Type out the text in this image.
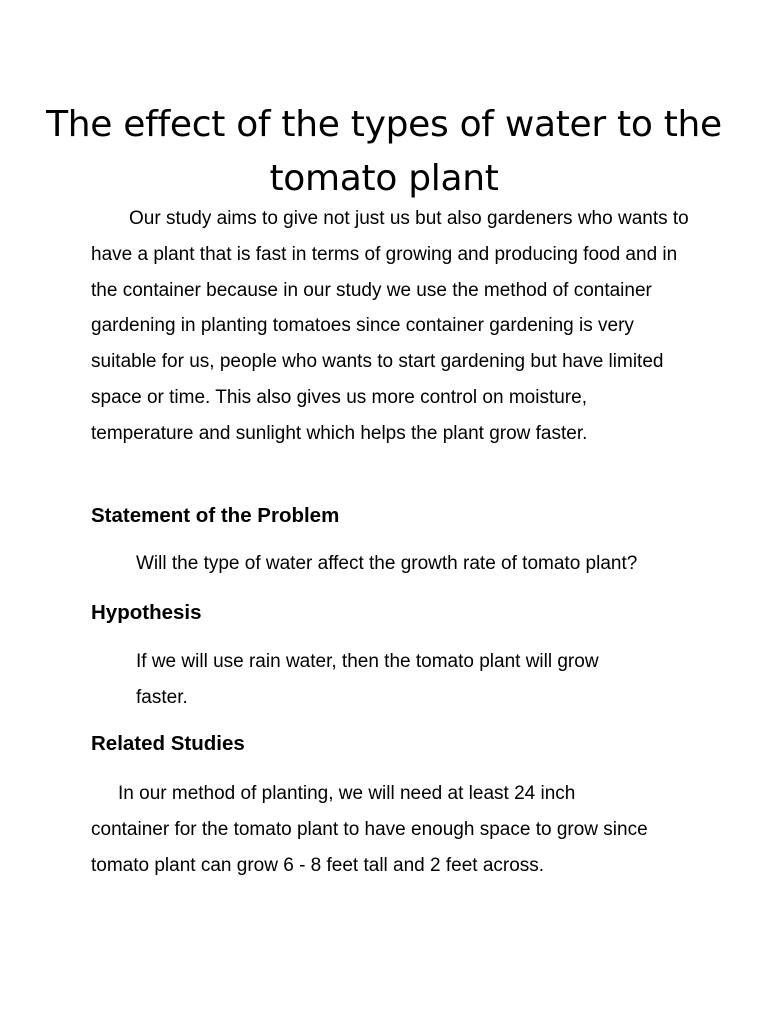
The effect of the types of water to the tomato plant

Our study aims to give not just us but also gardeners who wants to have a plant that is fast in terms of growing and producing food and in the container because in our study we use the method of container gardening in planting tomatoes since container gardening is very suitable for us, people who wants to start gardening but have limited space or time. This also gives us more control on moisture, temperature and sunlight which helps the plant grow faster.

Statement of the Problem

Will the type of water affect the growth rate of tomato plant?

Hypothesis

If we will use rain water, then the tomato plant will grow faster.

Related Studies

In our method of planting, we will need at least 24 inch container for the tomato plant to have enough space to grow since tomato plant can grow 6 - 8 feet tall and 2 feet across.
